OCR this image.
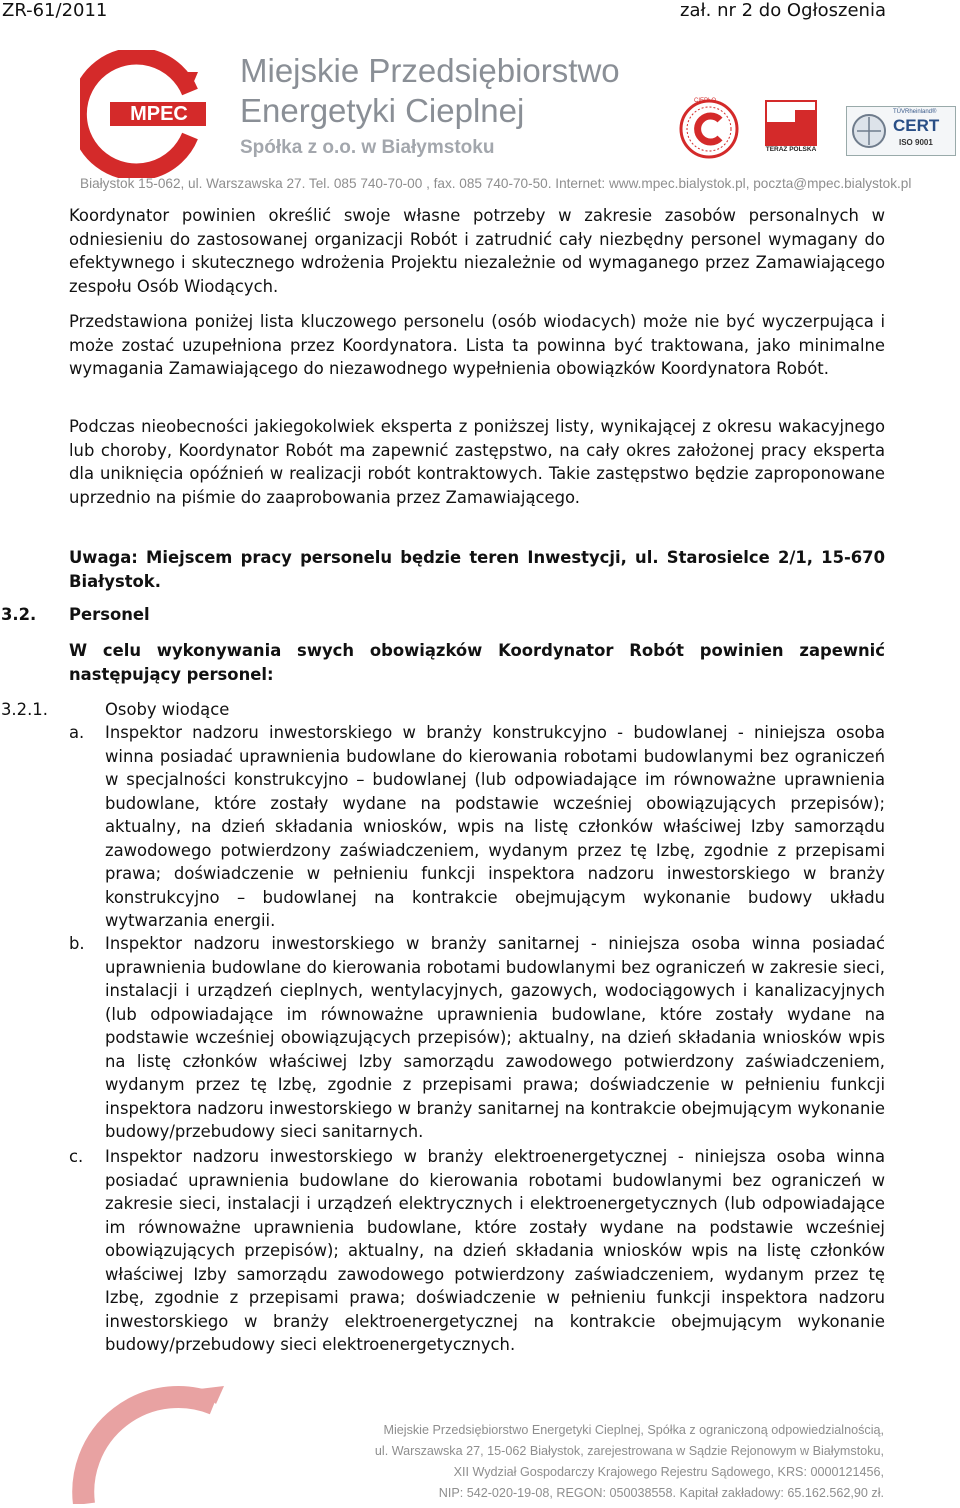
ZR-61/2011	zał. nr 2 do Ogłoszenia
MPEC
Miejskie Przedsiębiorstwo
Energetyki Cieplnej
Spółka z o.o. w Białymstoku
CIEPŁO
TERAZ POLSKA
TÜVRheinland®
CERT
ISO 9001
Białystok 15-062, ul. Warszawska 27. Tel. 085 740-70-00 , fax. 085 740-70-50. Internet: www.mpec.bialystok.pl, poczta@mpec.bialystok.pl
Koordynator powinien określić swoje własne potrzeby w zakresie zasobów personalnych w odniesieniu do zastosowanej organizacji Robót i zatrudnić cały niezbędny personel wymagany do efektywnego i skutecznego wdrożenia Projektu niezależnie od wymaganego przez Zamawiającego zespołu Osób Wiodących.
Przedstawiona poniżej lista kluczowego personelu (osób wiodacych) może nie być wyczerpująca i może zostać uzupełniona przez Koordynatora. Lista ta powinna być traktowana, jako minimalne wymagania Zamawiającego do niezawodnego wypełnienia obowiązków Koordynatora Robót.
Podczas nieobecności jakiegokolwiek eksperta z poniższej listy, wynikającej z okresu wakacyjnego lub choroby, Koordynator Robót ma zapewnić zastępstwo, na cały okres założonej pracy eksperta dla uniknięcia opóźnień w realizacji robót kontraktowych. Takie zastępstwo będzie zaproponowane uprzednio na piśmie do zaaprobowania przez Zamawiającego.
Uwaga: Miejscem pracy personelu będzie teren Inwestycji, ul. Starosielce 2/1, 15-670 Białystok.
3.2. Personel
W celu wykonywania swych obowiązków Koordynator Robót powinien zapewnić następujący personel:
3.2.1.	Osoby wiodące
a. Inspektor nadzoru inwestorskiego w branży konstrukcyjno - budowlanej - niniejsza osoba winna posiadać uprawnienia budowlane do kierowania robotami budowlanymi bez ograniczeń w specjalności konstrukcyjno – budowlanej (lub odpowiadające im równoważne uprawnienia budowlane, które zostały wydane na podstawie wcześniej obowiązujących przepisów); aktualny, na dzień składania wniosków, wpis na listę członków właściwej Izby samorządu zawodowego potwierdzony zaświadczeniem, wydanym przez tę Izbę, zgodnie z przepisami prawa; doświadczenie w pełnieniu funkcji inspektora nadzoru inwestorskiego w branży konstrukcyjno – budowlanej na kontrakcie obejmującym wykonanie budowy układu wytwarzania energii.
b. Inspektor nadzoru inwestorskiego w branży sanitarnej - niniejsza osoba winna posiadać uprawnienia budowlane do kierowania robotami budowlanymi bez ograniczeń w zakresie sieci, instalacji i urządzeń cieplnych, wentylacyjnych, gazowych, wodociągowych i kanalizacyjnych (lub odpowiadające im równoważne uprawnienia budowlane, które zostały wydane na podstawie wcześniej obowiązujących przepisów); aktualny, na dzień składania wniosków wpis na listę członków właściwej Izby samorządu zawodowego potwierdzony zaświadczeniem, wydanym przez tę Izbę, zgodnie z przepisami prawa; doświadczenie w pełnieniu funkcji inspektora nadzoru inwestorskiego w branży sanitarnej na kontrakcie obejmującym wykonanie budowy/przebudowy sieci sanitarnych.
c. Inspektor nadzoru inwestorskiego w branży elektroenergetycznej - niniejsza osoba winna posiadać uprawnienia budowlane do kierowania robotami budowlanymi bez ograniczeń w zakresie sieci, instalacji i urządzeń elektrycznych i elektroenergetycznych (lub odpowiadające im równoważne uprawnienia budowlane, które zostały wydane na podstawie wcześniej obowiązujących przepisów); aktualny, na dzień składania wniosków wpis na listę członków właściwej Izby samorządu zawodowego potwierdzony zaświadczeniem, wydanym przez tę Izbę, zgodnie z przepisami prawa; doświadczenie w pełnieniu funkcji inspektora nadzoru inwestorskiego w branży elektroenergetycznej na kontrakcie obejmującym wykonanie budowy/przebudowy sieci elektroenergetycznych.
Miejskie Przedsiębiorstwo Energetyki Cieplnej, Spółka z ograniczoną odpowiedzialnością,
ul. Warszawska 27, 15-062 Białystok, zarejestrowana w Sądzie Rejonowym w Białymstoku,
XII Wydział Gospodarczy Krajowego Rejestru Sądowego, KRS: 0000121456,
NIP: 542-020-19-08, REGON: 050038558. Kapitał zakładowy: 65.162.562,90 zł.
